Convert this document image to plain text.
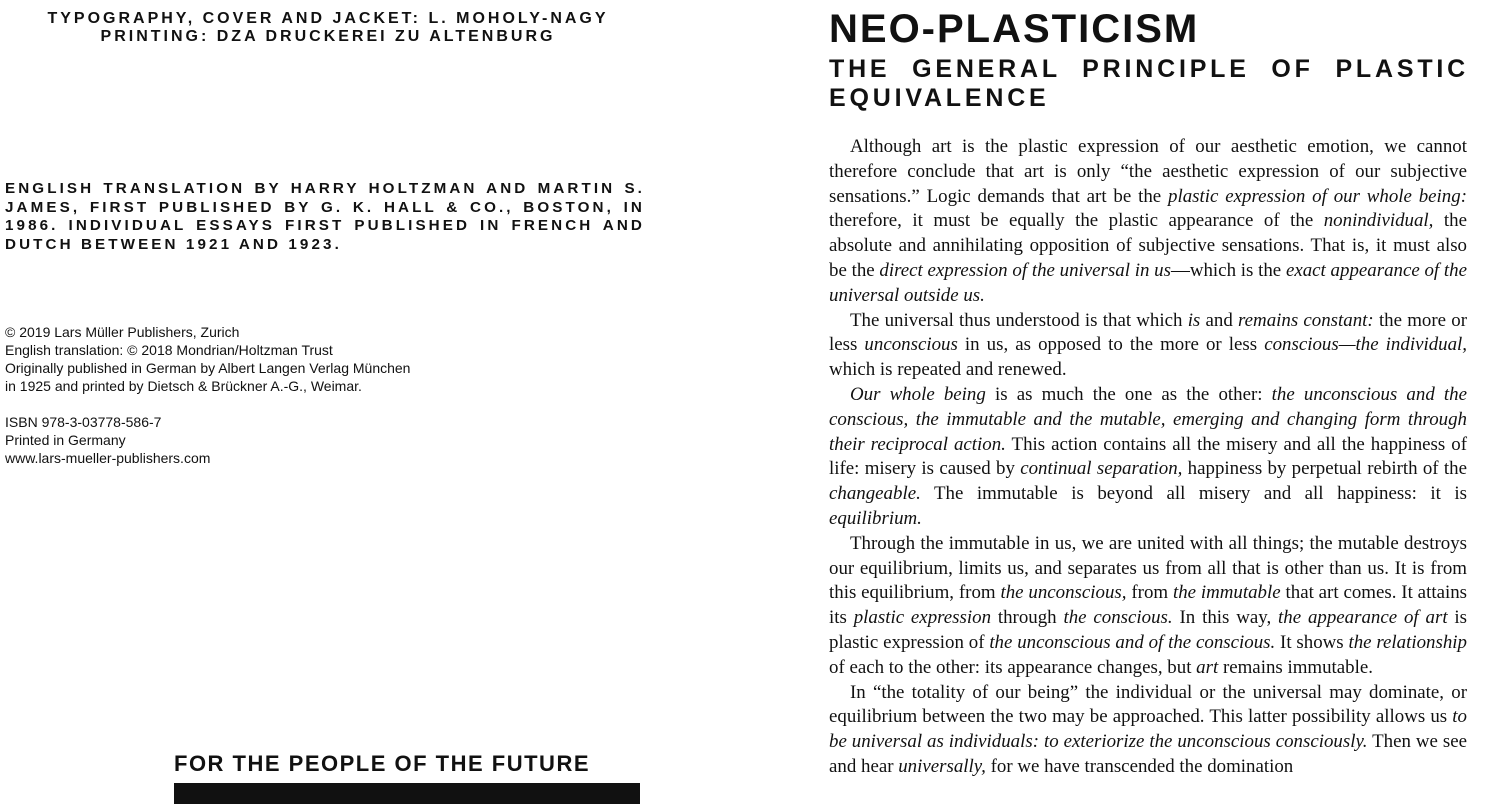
TYPOGRAPHY, COVER AND JACKET: L. MOHOLY-NAGY
PRINTING: DZA DRUCKEREI ZU ALTENBURG
ENGLISH TRANSLATION BY HARRY HOLTZMAN AND MARTIN S. JAMES, FIRST PUBLISHED BY G. K. HALL & CO., BOSTON, IN 1986. INDIVIDUAL ESSAYS FIRST PUBLISHED IN FRENCH AND DUTCH BETWEEN 1921 AND 1923.
© 2019 Lars Müller Publishers, Zurich
English translation: © 2018 Mondrian/Holtzman Trust
Originally published in German by Albert Langen Verlag München
in 1925 and printed by Dietsch & Brückner A.-G., Weimar.
ISBN 978-3-03778-586-7
Printed in Germany
www.lars-mueller-publishers.com
FOR THE PEOPLE OF THE FUTURE
NEO-PLASTICISM
THE GENERAL PRINCIPLE OF PLASTIC EQUIVALENCE

Although art is the plastic expression of our aesthetic emotion, we cannot therefore conclude that art is only “the aesthetic expression of our subjective sensations.” Logic demands that art be the plastic expression of our whole being: therefore, it must be equally the plastic appearance of the nonindividual, the absolute and annihilating opposition of subjective sensations. That is, it must also be the direct expression of the universal in us—which is the exact appearance of the universal outside us.

The universal thus understood is that which is and remains constant: the more or less unconscious in us, as opposed to the more or less conscious—the individual, which is repeated and renewed.

Our whole being is as much the one as the other: the unconscious and the conscious, the immutable and the mutable, emerging and changing form through their reciprocal action. This action contains all the misery and all the happiness of life: misery is caused by continual separation, happiness by perpetual rebirth of the changeable. The immutable is beyond all misery and all happiness: it is equilibrium.

Through the immutable in us, we are united with all things; the mutable destroys our equilibrium, limits us, and separates us from all that is other than us. It is from this equilibrium, from the unconscious, from the immutable that art comes. It attains its plastic expression through the conscious. In this way, the appearance of art is plastic expression of the unconscious and of the conscious. It shows the relationship of each to the other: its appearance changes, but art remains immutable.

In “the totality of our being” the individual or the universal may dominate, or equilibrium between the two may be approached. This latter possibility allows us to be universal as individuals: to exteriorize the unconscious consciously. Then we see and hear universally, for we have transcended the domination
